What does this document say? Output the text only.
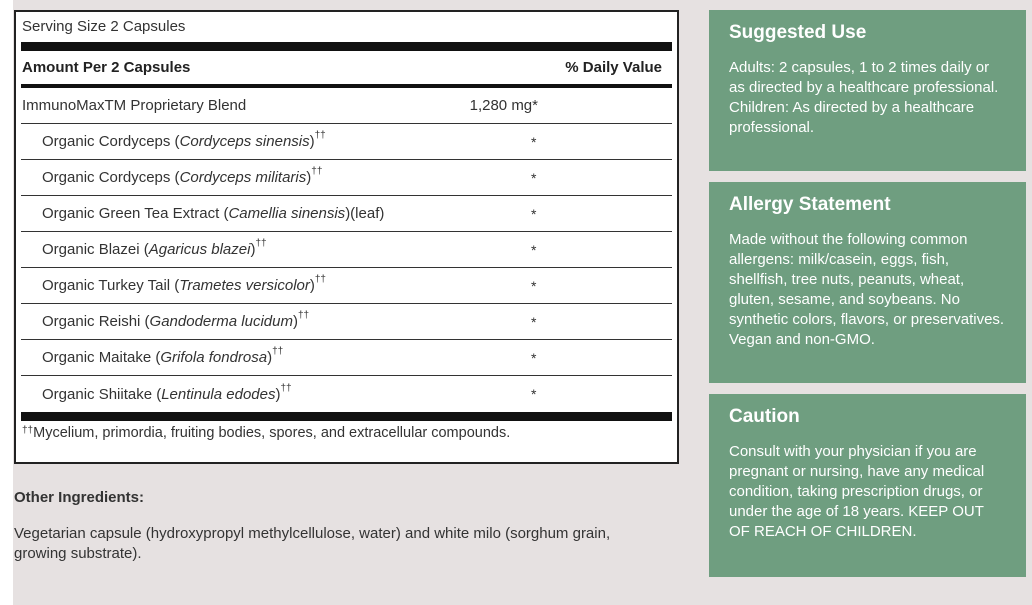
Serving Size 2 Capsules
Amount Per 2 Capsules	% Daily Value
ImmunoMaxTM Proprietary Blend	1,280 mg*
Organic Cordyceps (Cordyceps sinensis)††	*
Organic Cordyceps (Cordyceps militaris)††	*
Organic Green Tea Extract (Camellia sinensis)(leaf)	*
Organic Blazei (Agaricus blazei)††	*
Organic Turkey Tail (Trametes versicolor)††	*
Organic Reishi (Gandoderma lucidum)††	*
Organic Maitake (Grifola fondrosa)††	*
Organic Shiitake (Lentinula edodes)††	*
††Mycelium, primordia, fruiting bodies, spores, and extracellular compounds.
Other Ingredients:
Vegetarian capsule (hydroxypropyl methylcellulose, water) and white milo (sorghum grain, growing substrate).
Suggested Use

Adults: 2 capsules, 1 to 2 times daily or as directed by a healthcare professional. Children: As directed by a healthcare professional.

Allergy Statement

Made without the following common allergens: milk/casein, eggs, fish, shellfish, tree nuts, peanuts, wheat, gluten, sesame, and soybeans. No synthetic colors, flavors, or preservatives. Vegan and non-GMO.

Caution

Consult with your physician if you are pregnant or nursing, have any medical condition, taking prescription drugs, or under the age of 18 years. KEEP OUT OF REACH OF CHILDREN.
